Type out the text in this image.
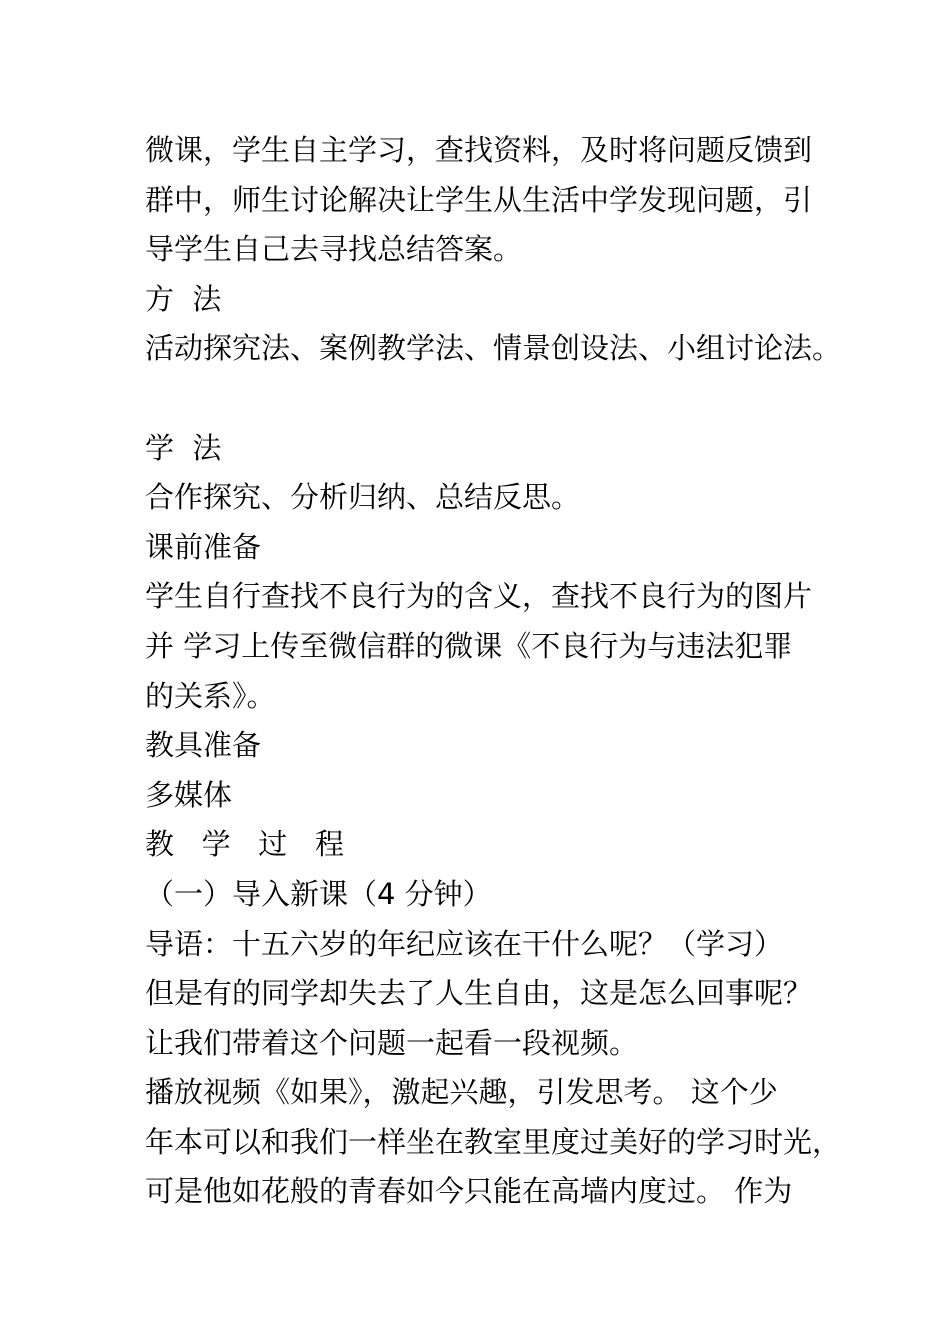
微课，学生自主学习，查找资料，及时将问题反馈到
群中，师生讨论解决让学生从生活中学发现问题，引
导学生自己去寻找总结答案。
方  法
活动探究法、案例教学法、情景创设法、小组讨论法。
学  法
合作探究、分析归纳、总结反思。
课前准备
学生自行查找不良行为的含义，查找不良行为的图片
并 学习上传至微信群的微课《不良行为与违法犯罪
的关系》。
教具准备
多媒体
教   学   过   程
（一）导入新课（4 分钟）
导语：十五六岁的年纪应该在干什么呢？（学习）
但是有的同学却失去了人生自由，这是怎么回事呢？
让我们带着这个问题一起看一段视频。
播放视频《如果》，激起兴趣，引发思考。 这个少
年本可以和我们一样坐在教室里度过美好的学习时光，
可是他如花般的青春如今只能在高墙内度过。 作为
